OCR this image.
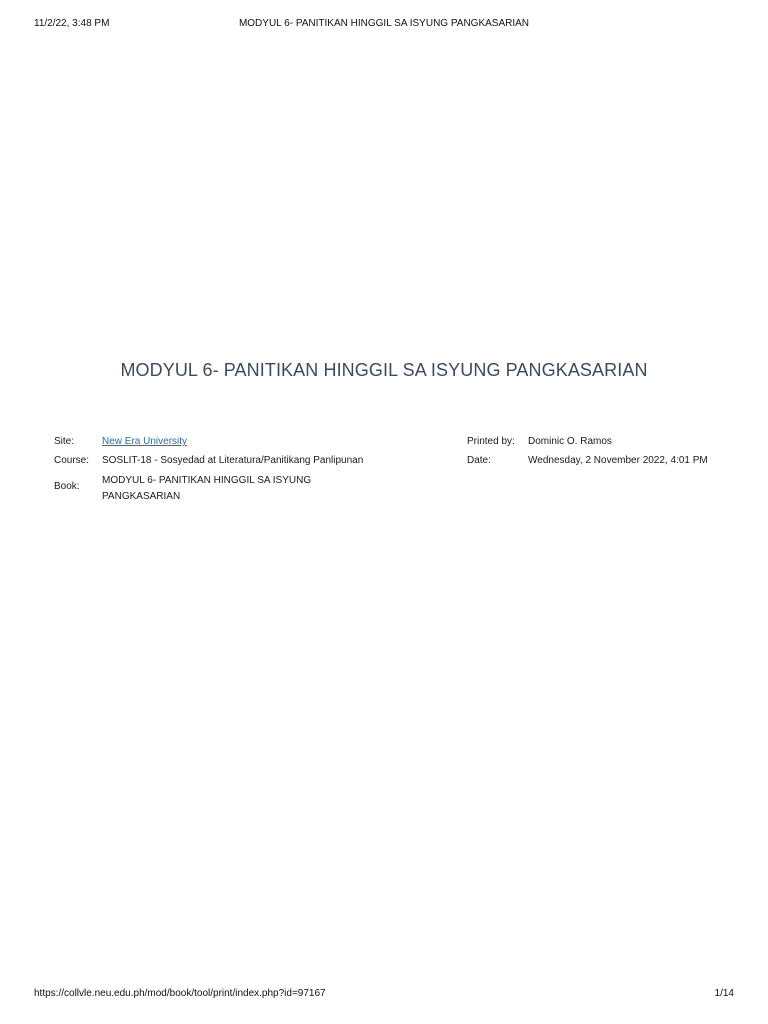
11/2/22, 3:48 PM	MODYUL 6- PANITIKAN HINGGIL SA ISYUNG PANGKASARIAN
MODYUL 6- PANITIKAN HINGGIL SA ISYUNG PANGKASARIAN
Site:	New Era University	Printed by: Dominic O. Ramos
Course: SOSLIT-18 - Sosyedad at Literatura/Panitikang Panlipunan	Date:	Wednesday, 2 November 2022, 4:01 PM
Book:
MODYUL 6- PANITIKAN HINGGIL SA ISYUNG PANGKASARIAN
https://collvle.neu.edu.ph/mod/book/tool/print/index.php?id=97167	1/14
